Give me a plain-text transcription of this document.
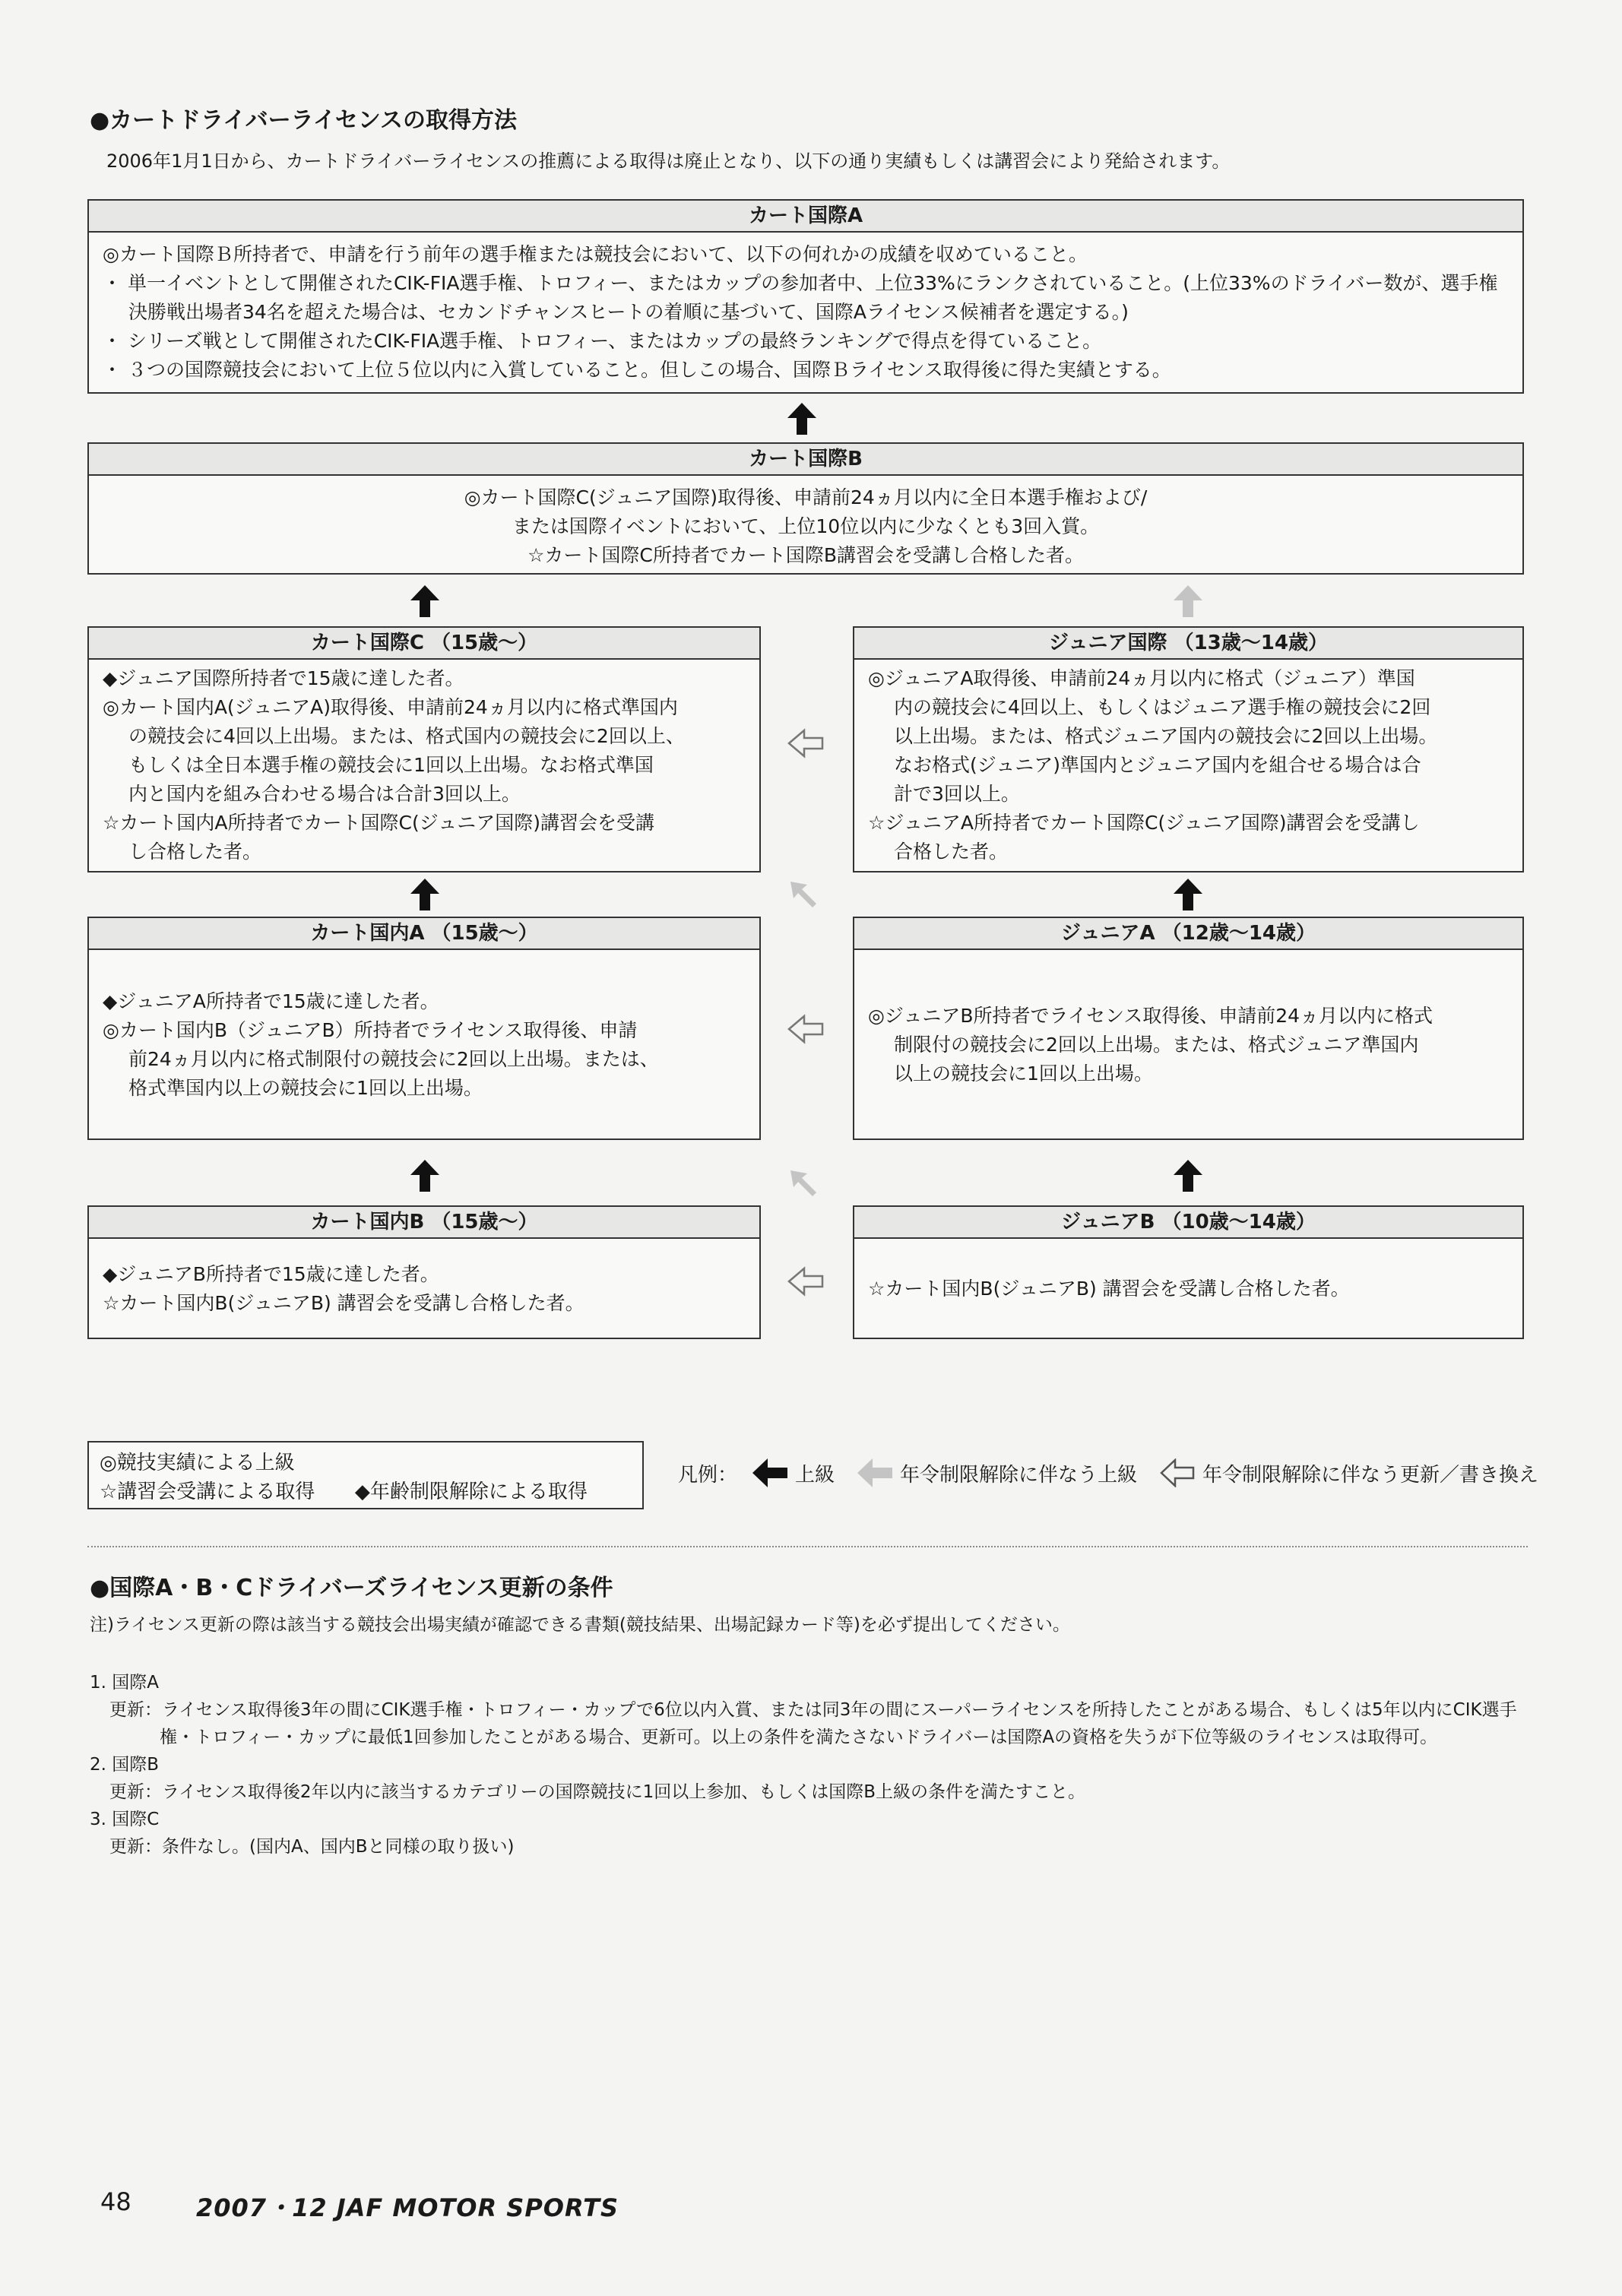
●カートドライバーライセンスの取得方法
2006年1月1日から、カートドライバーライセンスの推薦による取得は廃止となり、以下の通り実績もしくは講習会により発給されます。
カート国際A
◎カート国際Ｂ所持者で、申請を行う前年の選手権または競技会において、以下の何れかの成績を収めていること。
・ 単一イベントとして開催されたCIK-FIA選手権、トロフィー、またはカップの参加者中、上位33%にランクされていること。(上位33%のドライバー数が、選手権
決勝戦出場者34名を超えた場合は、セカンドチャンスヒートの着順に基づいて、国際Aライセンス候補者を選定する。)
・ シリーズ戦として開催されたCIK-FIA選手権、トロフィー、またはカップの最終ランキングで得点を得ていること。
・ ３つの国際競技会において上位５位以内に入賞していること。但しこの場合、国際Ｂライセンス取得後に得た実績とする。
カート国際B
◎カート国際C(ジュニア国際)取得後、申請前24ヵ月以内に全日本選手権および/
または国際イベントにおいて、上位10位以内に少なくとも3回入賞。
☆カート国際C所持者でカート国際B講習会を受講し合格した者。
カート国際C （15歳～）
◆ジュニア国際所持者で15歳に達した者。
◎カート国内A(ジュニアA)取得後、申請前24ヵ月以内に格式準国内
の競技会に4回以上出場。または、格式国内の競技会に2回以上、
もしくは全日本選手権の競技会に1回以上出場。なお格式準国
内と国内を組み合わせる場合は合計3回以上。
☆カート国内A所持者でカート国際C(ジュニア国際)講習会を受講
し合格した者。
ジュニア国際 （13歳～14歳）
◎ジュニアA取得後、申請前24ヵ月以内に格式（ジュニア）準国
内の競技会に4回以上、もしくはジュニア選手権の競技会に2回
以上出場。または、格式ジュニア国内の競技会に2回以上出場。
なお格式(ジュニア)準国内とジュニア国内を組合せる場合は合
計で3回以上。
☆ジュニアA所持者でカート国際C(ジュニア国際)講習会を受講し
合格した者。
カート国内A （15歳～）
◆ジュニアA所持者で15歳に達した者。
◎カート国内B（ジュニアB）所持者でライセンス取得後、申請
前24ヵ月以内に格式制限付の競技会に2回以上出場。または、
格式準国内以上の競技会に1回以上出場。
ジュニアA （12歳～14歳）
◎ジュニアB所持者でライセンス取得後、申請前24ヵ月以内に格式
制限付の競技会に2回以上出場。または、格式ジュニア準国内
以上の競技会に1回以上出場。
カート国内B （15歳～）
◆ジュニアB所持者で15歳に達した者。
☆カート国内B(ジュニアB) 講習会を受講し合格した者。
ジュニアB （10歳～14歳）
☆カート国内B(ジュニアB) 講習会を受講し合格した者。
◎競技実績による上級
☆講習会受講による取得 ◆年齢制限解除による取得
凡例：	上級	年令制限解除に伴なう上級	年令制限解除に伴なう更新／書き換え
●国際A・B・Cドライバーズライセンス更新の条件
注)ライセンス更新の際は該当する競技会出場実績が確認できる書類(競技結果、出場記録カード等)を必ず提出してください。
1. 国際A
更新：ライセンス取得後3年の間にCIK選手権・トロフィー・カップで6位以内入賞、または同3年の間にスーパーライセンスを所持したことがある場合、もしくは5年以内にCIK選手
権・トロフィー・カップに最低1回参加したことがある場合、更新可。以上の条件を満たさないドライバーは国際Aの資格を失うが下位等級のライセンスは取得可。
2. 国際B
更新：ライセンス取得後2年以内に該当するカテゴリーの国際競技に1回以上参加、もしくは国際B上級の条件を満たすこと。
3. 国際C
更新：条件なし。(国内A、国内Bと同様の取り扱い)
48	2007・12 JAF MOTOR SPORTS
